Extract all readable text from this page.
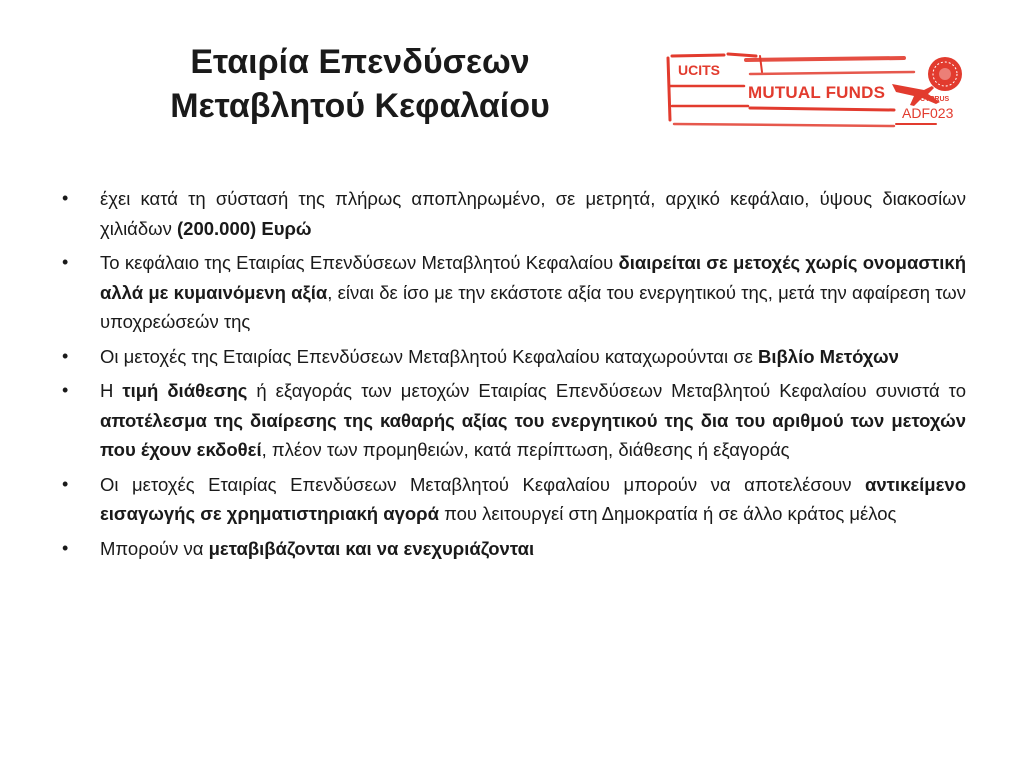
Εταιρία Επενδύσεων
Μεταβλητού Κεφαλαίου
UCITS
MUTUAL FUNDS	CYPRUS
ADF023
• έχει κατά τη σύστασή της πλήρως αποπληρωμένο, σε μετρητά, αρχικό κεφάλαιο, ύψους διακοσίων χιλιάδων (200.000) Ευρώ
• Το κεφάλαιο της Εταιρίας Επενδύσεων Μεταβλητού Κεφαλαίου διαιρείται σε μετοχές χωρίς ονομαστική αλλά με κυμαινόμενη αξία, είναι δε ίσο με την εκάστοτε αξία του ενεργητικού της, μετά την αφαίρεση των υποχρεώσεών της
• Οι μετοχές της Εταιρίας Επενδύσεων Μεταβλητού Κεφαλαίου καταχωρούνται σε Βιβλίο Μετόχων
• Η τιμή διάθεσης ή εξαγοράς των μετοχών Εταιρίας Επενδύσεων Μεταβλητού Κεφαλαίου συνιστά το αποτέλεσμα της διαίρεσης της καθαρής αξίας του ενεργητικού της δια του αριθμού των μετοχών που έχουν εκδοθεί, πλέον των προμηθειών, κατά περίπτωση, διάθεσης ή εξαγοράς
• Οι μετοχές Εταιρίας Επενδύσεων Μεταβλητού Κεφαλαίου μπορούν να αποτελέσουν αντικείμενο εισαγωγής σε χρηματιστηριακή αγορά που λειτουργεί στη Δημοκρατία ή σε άλλο κράτος μέλος
• Μπορούν να μεταβιβάζονται και να ενεχυριάζονται
